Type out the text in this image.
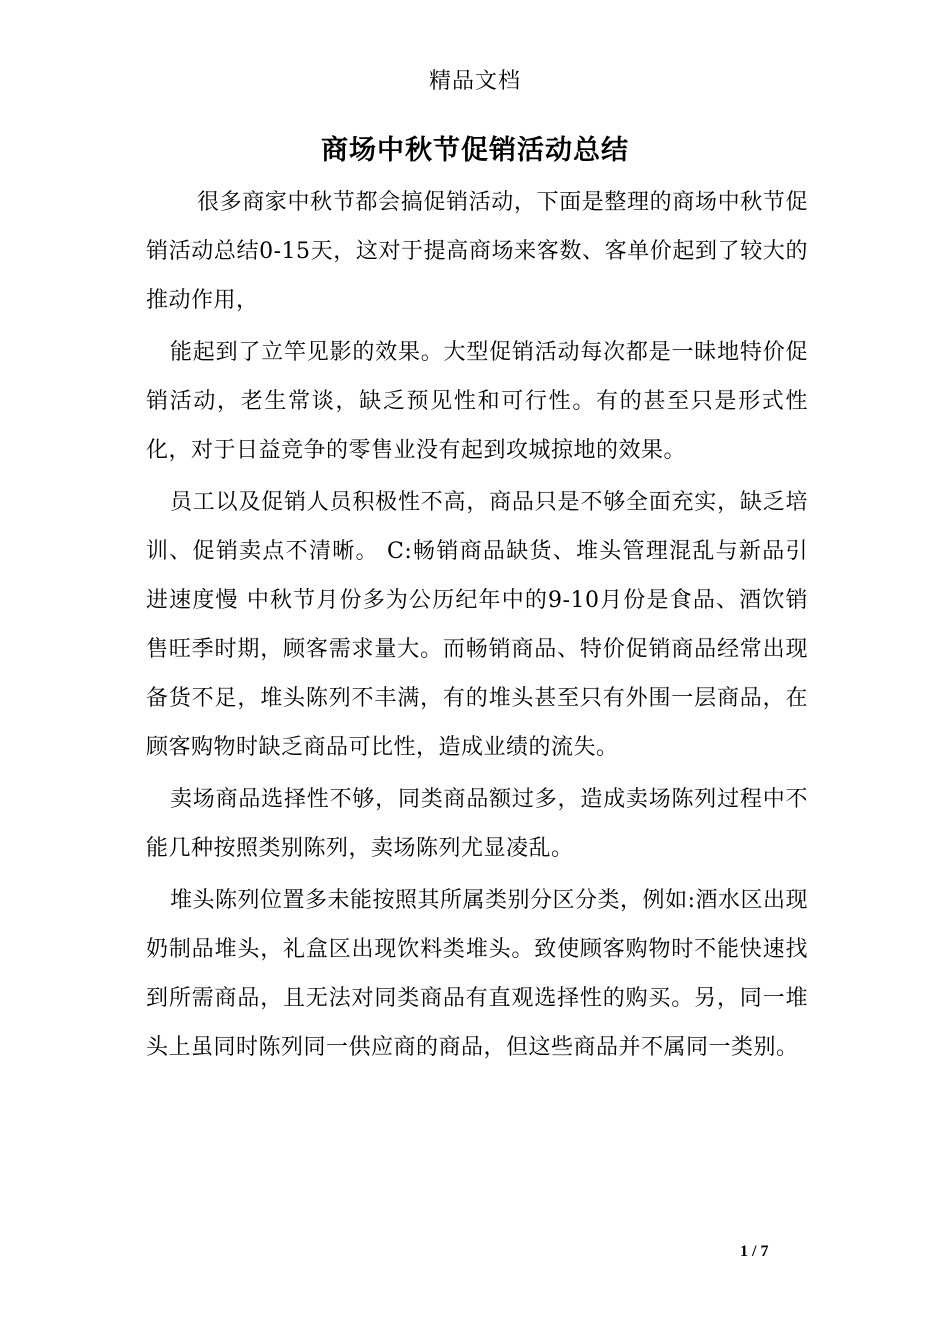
精品文档
商场中秋节促销活动总结

很多商家中秋节都会搞促销活动，下面是整理的商场中秋节促销活动总结0-15天，这对于提高商场来客数、客单价起到了较大的推动作用，

能起到了立竿见影的效果。大型促销活动每次都是一昧地特价促销活动，老生常谈，缺乏预见性和可行性。有的甚至只是形式性化，对于日益竞争的零售业没有起到攻城掠地的效果。

员工以及促销人员积极性不高，商品只是不够全面充实，缺乏培训、促销卖点不清晰。 C:畅销商品缺货、堆头管理混乱与新品引进速度慢 中秋节月份多为公历纪年中的9-10月份是食品、酒饮销售旺季时期，顾客需求量大。而畅销商品、特价促销商品经常出现备货不足，堆头陈列不丰满，有的堆头甚至只有外围一层商品，在顾客购物时缺乏商品可比性，造成业绩的流失。

卖场商品选择性不够，同类商品额过多，造成卖场陈列过程中不能几种按照类别陈列，卖场陈列尤显凌乱。

堆头陈列位置多未能按照其所属类别分区分类，例如:酒水区出现奶制品堆头，礼盒区出现饮料类堆头。致使顾客购物时不能快速找到所需商品，且无法对同类商品有直观选择性的购买。另，同一堆头上虽同时陈列同一供应商的商品，但这些商品并不属同一类别。

1 / 7
